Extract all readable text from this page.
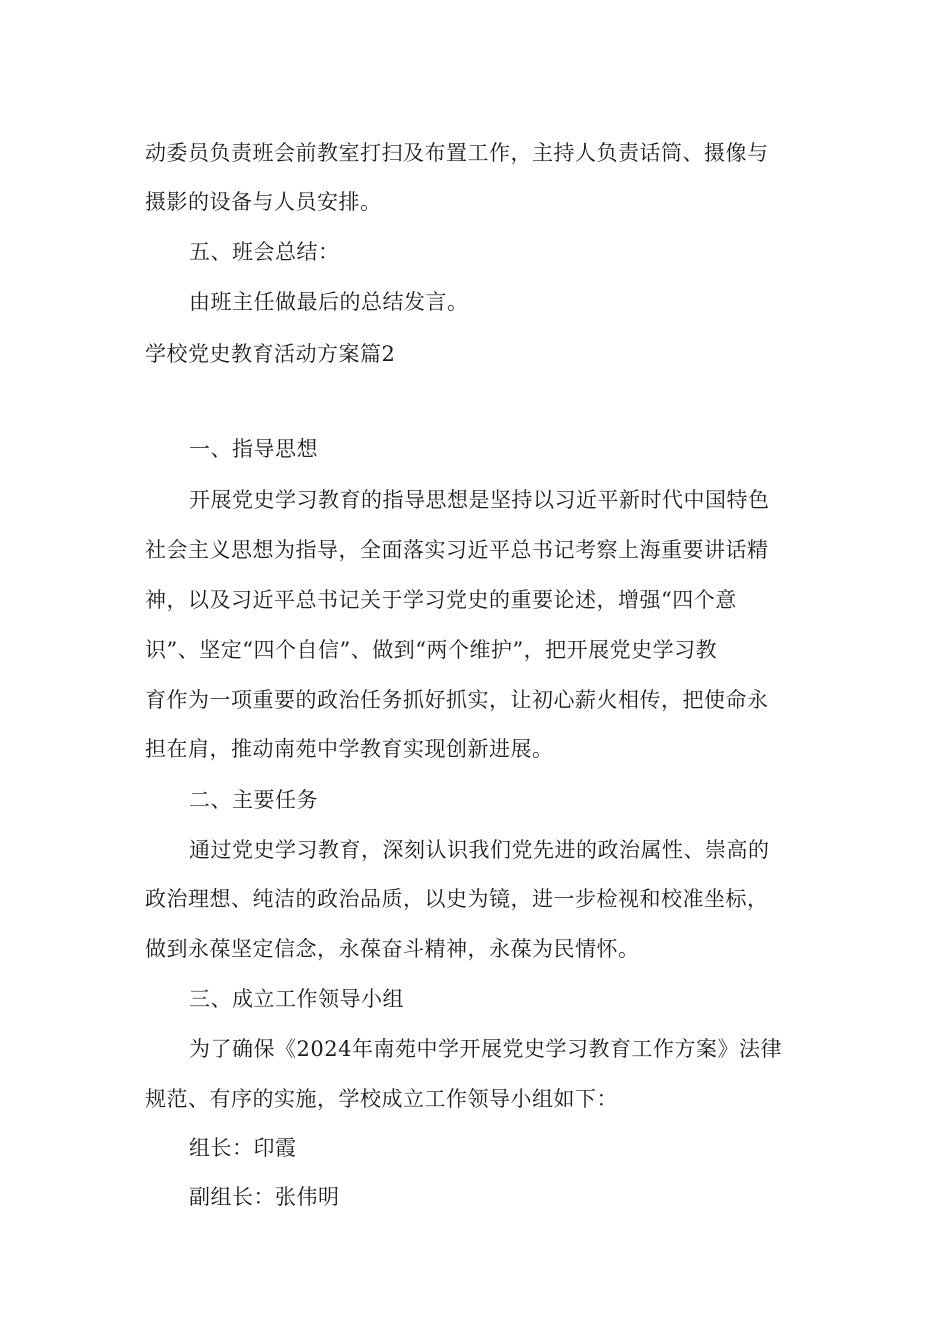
动委员负责班会前教室打扫及布置工作，主持人负责话筒、摄像与

摄影的设备与人员安排。

五、班会总结：

由班主任做最后的总结发言。

学校党史教育活动方案篇2

一、指导思想

开展党史学习教育的指导思想是坚持以习近平新时代中国特色

社会主义思想为指导，全面落实习近平总书记考察上海重要讲话精

神，以及习近平总书记关于学习党史的重要论述，增强“四个意

识”、坚定“四个自信”、做到“两个维护”，把开展党史学习教

育作为一项重要的政治任务抓好抓实，让初心薪火相传，把使命永

担在肩，推动南苑中学教育实现创新进展。

二、主要任务

通过党史学习教育，深刻认识我们党先进的政治属性、崇高的

政治理想、纯洁的政治品质，以史为镜，进一步检视和校准坐标，

做到永葆坚定信念，永葆奋斗精神，永葆为民情怀。

三、成立工作领导小组

为了确保《2024年南苑中学开展党史学习教育工作方案》法律

规范、有序的实施，学校成立工作领导小组如下：

组长：印霞

副组长：张伟明
